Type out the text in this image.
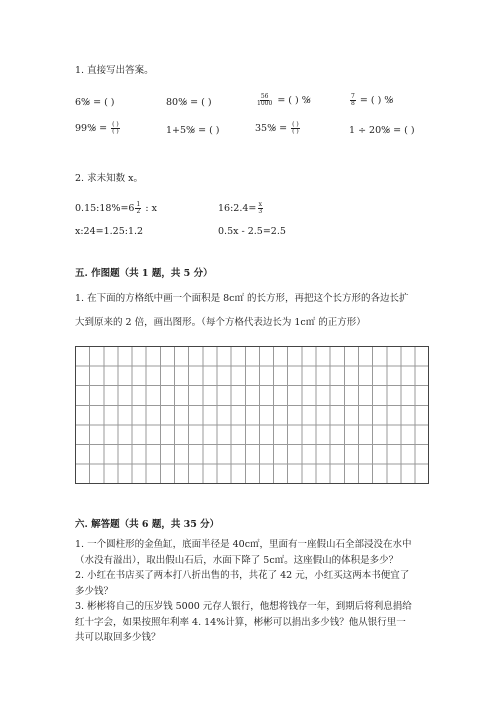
1. 直接写出答案。
6%̷ = ( )	80%̷ = ( )	$\frac{56}{1000}$ = ( ) %̷	$\frac{7}{8}$ = ( ) %̷
99%̷ = $\frac{( )}{( )}$	1+5%̷ = ( )	35%̷ = $\frac{( )}{( )}$	1 ÷ 20%̷ = ( )
2. 求未知数 x。
0.15:18%=6 $\frac{1}{2}$ : x	16:2.4= $\frac{x}{3}$
x:24=1.25:1.2	0.5x - 2.5=2.5
五. 作图题（共 1 题，共 5 分）
1. 在下面的方格纸中画一个面积是 8c㎡ 的长方形，再把这个长方形的各边长扩
大到原来的 2 倍，画出图形。（每个方格代表边长为 1c㎡ 的正方形）
六. 解答题（共 6 题，共 35 分）
1. 一个圆柱形的金鱼缸，底面半径是 40c㎡，里面有一座假山石全部浸没在水中
（水没有溢出），取出假山石后，水面下降了 5c㎡。这座假山的体积是多少？
2. 小红在书店买了两本打八折出售的书，共花了 42 元，小红买这两本书便宜了
多少钱？
3. 彬彬将自己的压岁钱 5000 元存人银行，他想将钱存一年，到期后将利息捐给
红十字会，如果按照年利率 4. 14%计算，彬彬可以捐出多少钱？他从银行里一
共可以取回多少钱？
